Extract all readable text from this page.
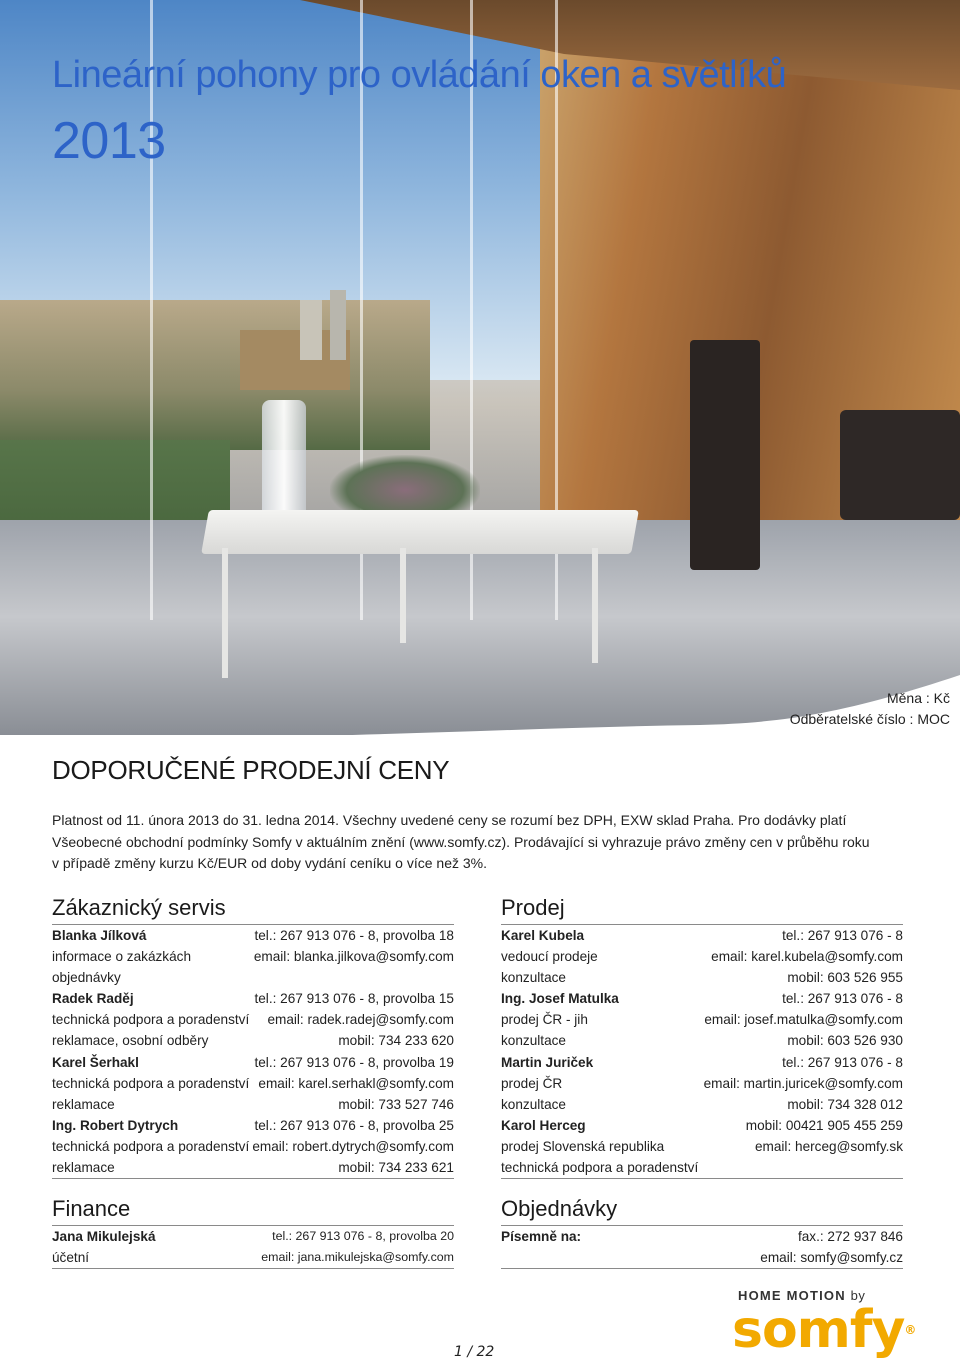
Lineární pohony pro ovládání oken a světlíků
2013
Měna : Kč
Odběratelské číslo : MOC
DOPORUČENÉ PRODEJNÍ CENY
Platnost od 11. února 2013 do 31. ledna 2014. Všechny uvedené ceny se rozumí bez DPH, EXW sklad Praha. Pro dodávky platí
Všeobecné obchodní podmínky Somfy v aktuálním znění (www.somfy.cz). Prodávající si vyhrazuje právo změny cen v průběhu roku
v případě změny kurzu Kč/EUR od doby vydání ceníku o více než 3%.
Zákaznický servis
Blanka Jílková	tel.: 267 913 076 - 8, provolba 18
informace o zakázkách	email: blanka.jilkova@somfy.com
objednávky
Radek Raděj	tel.: 267 913 076 - 8, provolba 15
technická podpora a poradenství email: radek.radej@somfy.com
reklamace, osobní odběry	mobil: 734 233 620
Karel Šerhakl	tel.: 267 913 076 - 8, provolba 19
technická podpora a poradenství email: karel.serhakl@somfy.com
reklamace	mobil: 733 527 746
Ing. Robert Dytrych	tel.: 267 913 076 - 8, provolba 25
technická podpora a poradenství email: robert.dytrych@somfy.com
reklamace	mobil: 734 233 621
Prodej
Karel Kubela	tel.: 267 913 076 - 8
vedoucí prodeje	email: karel.kubela@somfy.com
konzultace	mobil: 603 526 955
Ing. Josef Matulka	tel.: 267 913 076 - 8
prodej ČR - jih	email: josef.matulka@somfy.com
konzultace	mobil: 603 526 930
Martin Juriček	tel.: 267 913 076 - 8
prodej ČR	email: martin.juricek@somfy.com
konzultace	mobil: 734 328 012
Karol Herceg	mobil: 00421 905 455 259
prodej Slovenská republika	email: herceg@somfy.sk
technická podpora a poradenství
Finance
Jana Mikulejská	tel.: 267 913 076 - 8, provolba 20
účetní	email: jana.mikulejska@somfy.com
Objednávky
Písemně na:	fax.: 272 937 846
email: somfy@somfy.cz
HOME MOTION by
somfy®
1 / 22
